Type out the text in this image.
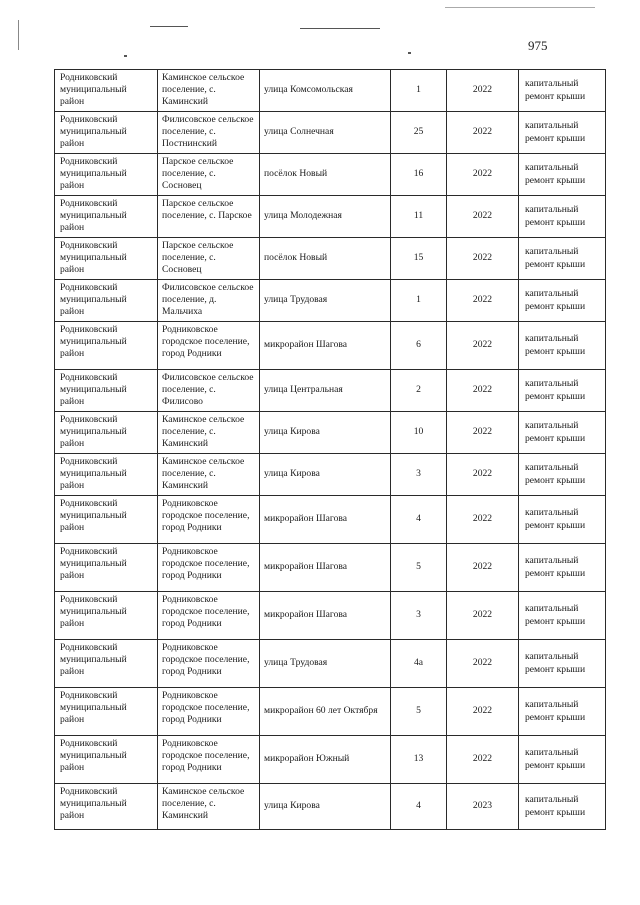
975
Родниковский муниципальный район	Каминское сельское поселение, с. Каминский	улица Комсомольская	1	2022	капитальный ремонт крыши
Родниковский муниципальный район	Филисовское сельское поселение, с. Постнинский	улица Солнечная	25	2022	капитальный ремонт крыши
Родниковский муниципальный район	Парское сельское поселение, с. Сосновец	посёлок Новый	16	2022	капитальный ремонт крыши
Родниковский муниципальный район	Парское сельское поселение, с. Парское	улица Молодежная	11	2022	капитальный ремонт крыши
Родниковский муниципальный район	Парское сельское поселение, с. Сосновец	посёлок Новый	15	2022	капитальный ремонт крыши
Родниковский муниципальный район	Филисовское сельское поселение, д. Мальчиха	улица Трудовая	1	2022	капитальный ремонт крыши
Родниковский муниципальный район	Родниковское городское поселение, город Родники	микрорайон Шагова	6	2022	капитальный ремонт крыши
Родниковский муниципальный район	Филисовское сельское поселение, с. Филисово	улица Центральная	2	2022	капитальный ремонт крыши
Родниковский муниципальный район	Каминское сельское поселение, с. Каминский	улица Кирова	10	2022	капитальный ремонт крыши
Родниковский муниципальный район	Каминское сельское поселение, с. Каминский	улица Кирова	3	2022	капитальный ремонт крыши
Родниковский муниципальный район	Родниковское городское поселение, город Родники	микрорайон Шагова	4	2022	капитальный ремонт крыши
Родниковский муниципальный район	Родниковское городское поселение, город Родники	микрорайон Шагова	5	2022	капитальный ремонт крыши
Родниковский муниципальный район	Родниковское городское поселение, город Родники	микрорайон Шагова	3	2022	капитальный ремонт крыши
Родниковский муниципальный район	Родниковское городское поселение, город Родники	улица Трудовая	4а	2022	капитальный ремонт крыши
Родниковский муниципальный район	Родниковское городское поселение, город Родники	микрорайон 60 лет Октября	5	2022	капитальный ремонт крыши
Родниковский муниципальный район	Родниковское городское поселение, город Родники	микрорайон Южный	13	2022	капитальный ремонт крыши
Родниковский муниципальный район	Каминское сельское поселение, с. Каминский	улица Кирова	4	2023	капитальный ремонт крыши
